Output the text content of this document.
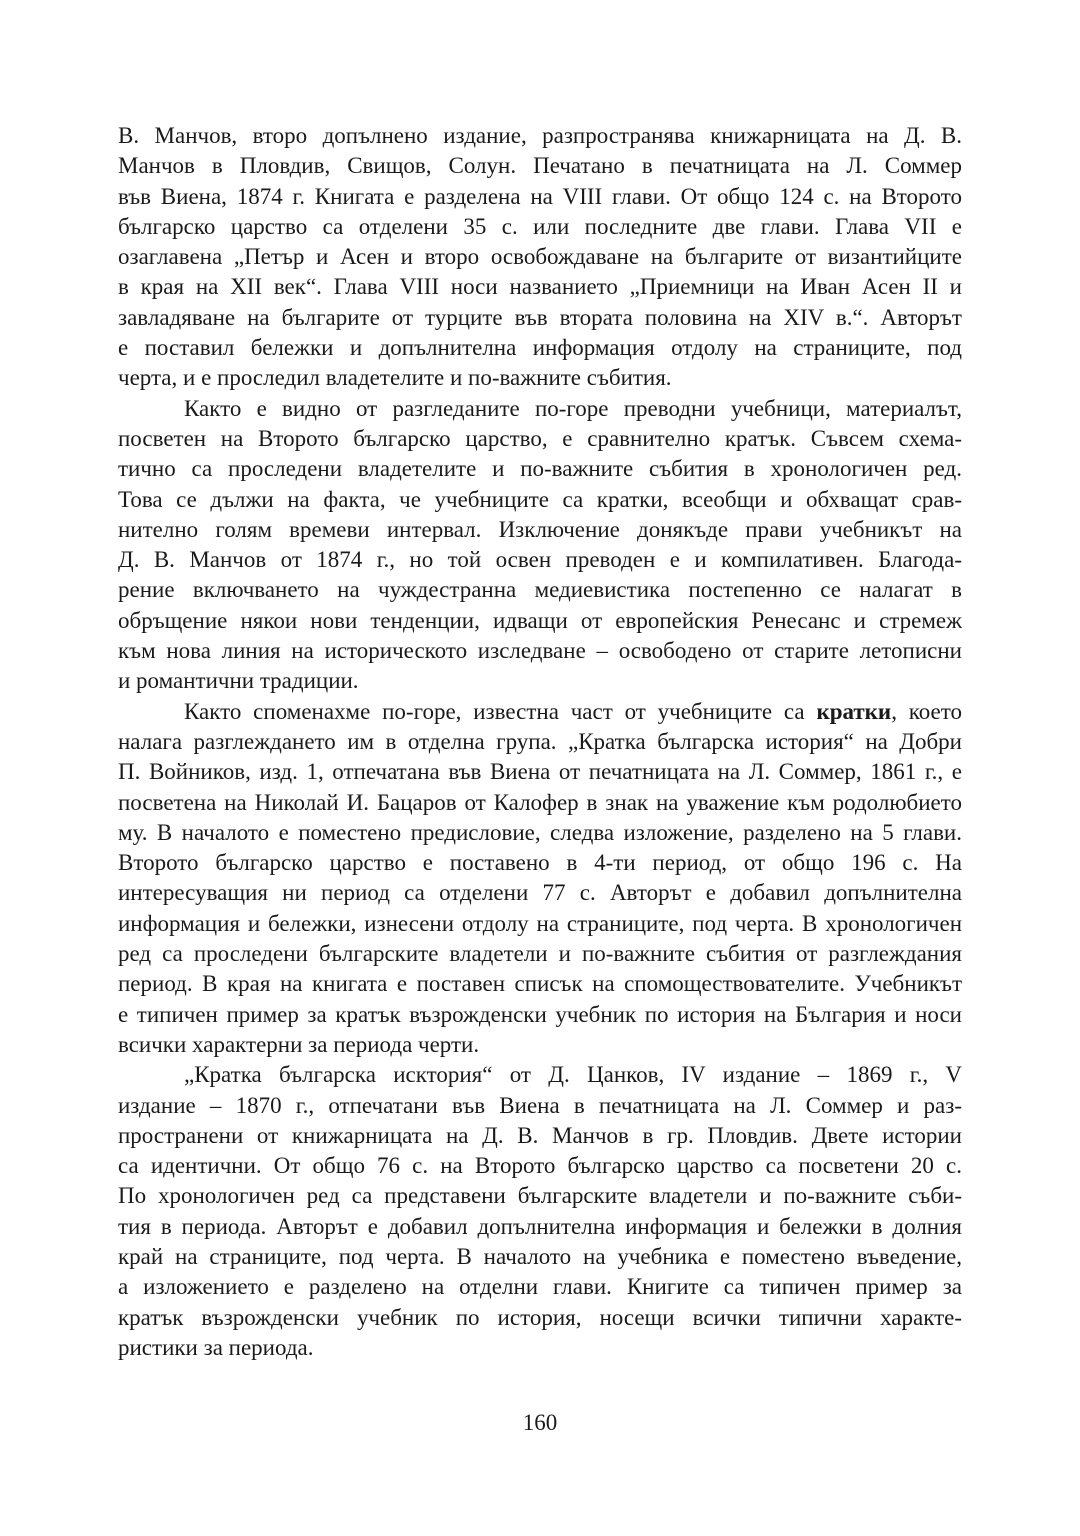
В. Манчов, второ допълнено издание, разпространява книжарницата на Д. В.
Манчов в Пловдив, Свищов, Солун. Печатано в печатницата на Л. Соммер
във Виена, 1874 г. Книгата е разделена на VIII глави. От общо 124 с. на Второто
българско царство са отделени 35 с. или последните две глави. Глава VII е
озаглавена „Петър и Асен и второ освобождаване на българите от византийците
в края на XII век“. Глава VIII носи названието „Приемници на Иван Асен II и
завладяване на българите от турците във втората половина на XIV в.“. Авторът
е поставил бележки и допълнителна информация отдолу на страниците, под
черта, и е проследил владетелите и по-важните събития.
Както е видно от разгледаните по-горе преводни учебници, материалът,
посветен на Второто българско царство, е сравнително кратък. Съвсем схема-
тично са проследени владетелите и по-важните събития в хронологичен ред.
Това се дължи на факта, че учебниците са кратки, всеобщи и обхващат срав-
нително голям времеви интервал. Изключение донякъде прави учебникът на
Д. В. Манчов от 1874 г., но той освен преводен е и компилативен. Благода-
рение включването на чуждестранна медиевистика постепенно се налагат в
обръщение някои нови тенденции, идващи от европейския Ренесанс и стремеж
към нова линия на историческото изследване – освободено от старите летописни
и романтични традиции.
Както споменахме по-горе, известна част от учебниците са кратки, което
налага разглеждането им в отделна група. „Кратка българска история“ на Добри
П. Войников, изд. 1, отпечатана във Виена от печатницата на Л. Соммер, 1861 г., е
посветена на Николай И. Бацаров от Калофер в знак на уважение към родолюбието
му. В началото е поместено предисловие, следва изложение, разделено на 5 глави.
Второто българско царство е поставено в 4-ти период, от общо 196 с. На
интересуващия ни период са отделени 77 с. Авторът е добавил допълнителна
информация и бележки, изнесени отдолу на страниците, под черта. В хронологичен
ред са проследени българските владетели и по-важните събития от разглеждания
период. В края на книгата е поставен списък на спомоществователите. Учебникът
е типичен пример за кратък възрожденски учебник по история на България и носи
всички характерни за периода черти.
„Кратка българска исктория“ от Д. Цанков, IV издание – 1869 г., V
издание – 1870 г., отпечатани във Виена в печатницата на Л. Соммер и раз-
пространени от книжарницата на Д. В. Манчов в гр. Пловдив. Двете истории
са идентични. От общо 76 с. на Второто българско царство са посветени 20 с.
По хронологичен ред са представени българските владетели и по-важните съби-
тия в периода. Авторът е добавил допълнителна информация и бележки в долния
край на страниците, под черта. В началото на учебника е поместено въведение,
а изложението е разделено на отделни глави. Книгите са типичен пример за
кратък възрожденски учебник по история, носещи всички типични характе-
ристики за периода.
160
